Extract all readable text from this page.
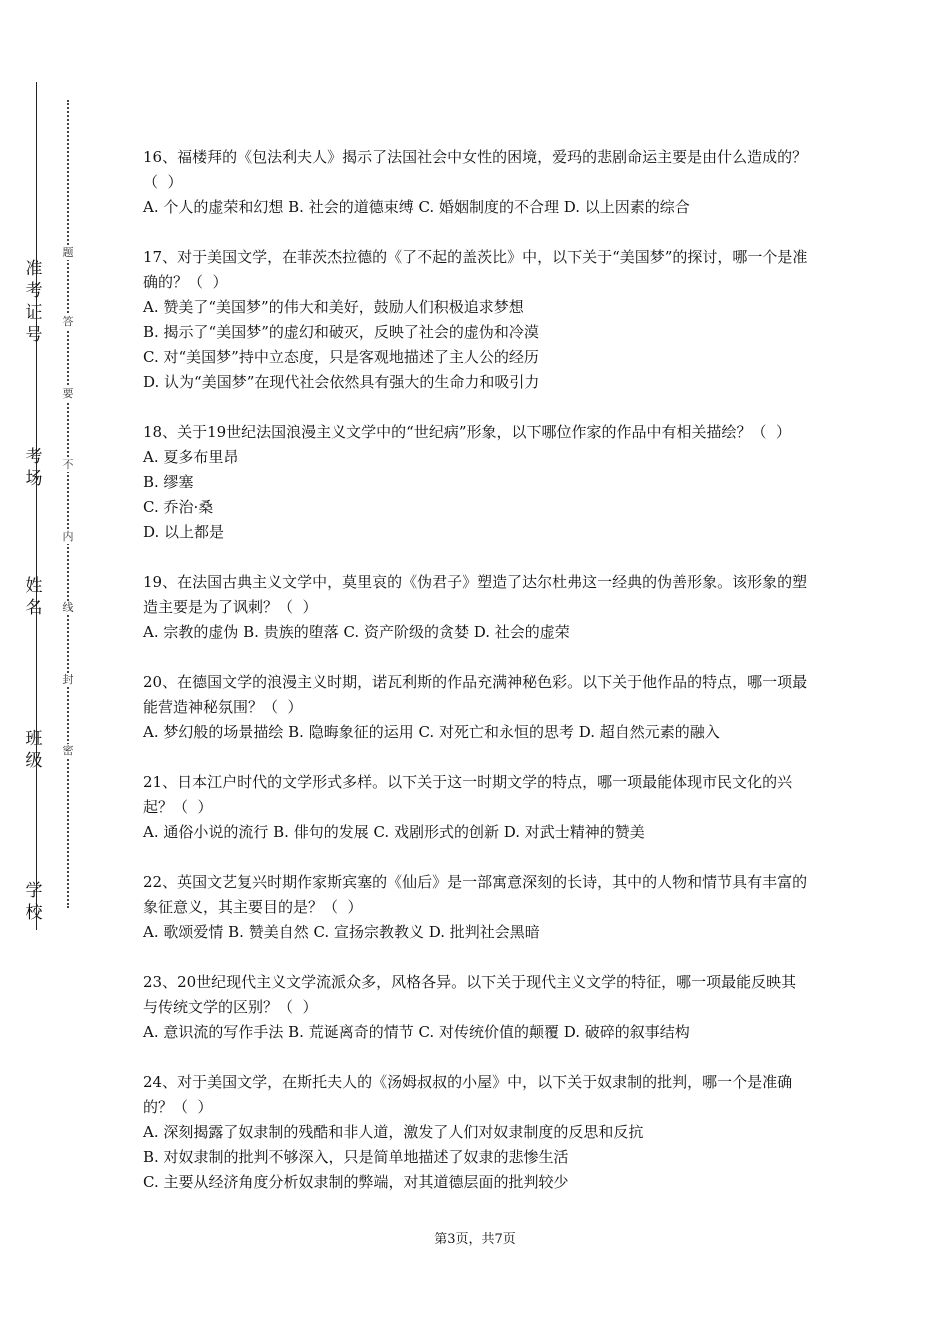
准
考
证
号
考
场
姓
名
班
级
学
校
题
答
要
不
内
线
封
密

16、福楼拜的《包法利夫人》揭示了法国社会中女性的困境，爱玛的悲剧命运主要是由什么造成的？（  ）

A. 个人的虚荣和幻想 B. 社会的道德束缚 C. 婚姻制度的不合理 D. 以上因素的综合

17、对于美国文学，在菲茨杰拉德的《了不起的盖茨比》中，以下关于“美国梦”的探讨，哪一个是准确的？（  ）

A. 赞美了“美国梦”的伟大和美好，鼓励人们积极追求梦想

B. 揭示了“美国梦”的虚幻和破灭，反映了社会的虚伪和冷漠

C. 对“美国梦”持中立态度，只是客观地描述了主人公的经历

D. 认为“美国梦”在现代社会依然具有强大的生命力和吸引力

18、关于19世纪法国浪漫主义文学中的“世纪病”形象，以下哪位作家的作品中有相关描绘？（  ）

A. 夏多布里昂

B. 缪塞

C. 乔治·桑

D. 以上都是

19、在法国古典主义文学中，莫里哀的《伪君子》塑造了达尔杜弗这一经典的伪善形象。该形象的塑造主要是为了讽刺？（  ）

A. 宗教的虚伪 B. 贵族的堕落 C. 资产阶级的贪婪 D. 社会的虚荣

20、在德国文学的浪漫主义时期，诺瓦利斯的作品充满神秘色彩。以下关于他作品的特点，哪一项最能营造神秘氛围？（  ）

A. 梦幻般的场景描绘 B. 隐晦象征的运用 C. 对死亡和永恒的思考 D. 超自然元素的融入

21、日本江户时代的文学形式多样。以下关于这一时期文学的特点，哪一项最能体现市民文化的兴起？（  ）

A. 通俗小说的流行 B. 俳句的发展 C. 戏剧形式的创新 D. 对武士精神的赞美

22、英国文艺复兴时期作家斯宾塞的《仙后》是一部寓意深刻的长诗，其中的人物和情节具有丰富的象征意义，其主要目的是？（  ）

A. 歌颂爱情 B. 赞美自然 C. 宣扬宗教教义 D. 批判社会黑暗

23、20世纪现代主义文学流派众多，风格各异。以下关于现代主义文学的特征，哪一项最能反映其与传统文学的区别？（  ）

A. 意识流的写作手法 B. 荒诞离奇的情节 C. 对传统价值的颠覆 D. 破碎的叙事结构

24、对于美国文学，在斯托夫人的《汤姆叔叔的小屋》中，以下关于奴隶制的批判，哪一个是准确的？（  ）

A. 深刻揭露了奴隶制的残酷和非人道，激发了人们对奴隶制度的反思和反抗

B. 对奴隶制的批判不够深入，只是简单地描述了奴隶的悲惨生活

C. 主要从经济角度分析奴隶制的弊端，对其道德层面的批判较少

第3页，共7页
